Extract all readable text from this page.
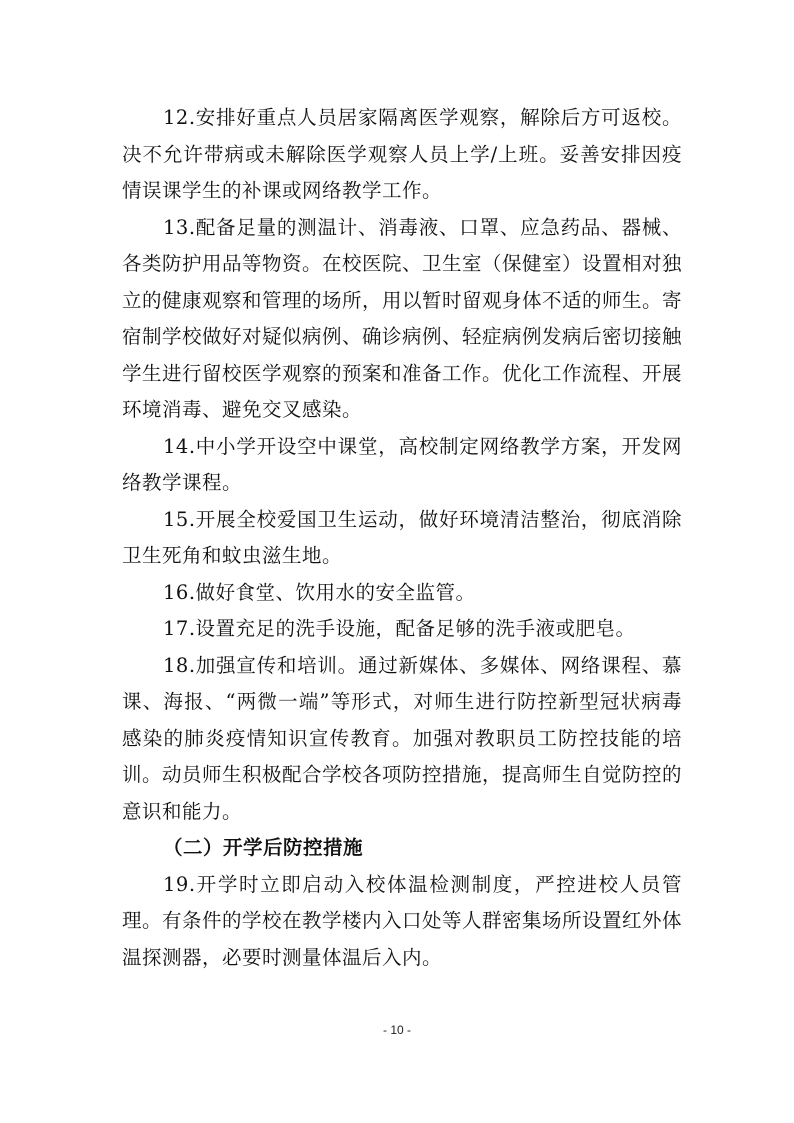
12.安排好重点人员居家隔离医学观察，解除后方可返校。决不允许带病或未解除医学观察人员上学/上班。妥善安排因疫情误课学生的补课或网络教学工作。

13.配备足量的测温计、消毒液、口罩、应急药品、器械、各类防护用品等物资。在校医院、卫生室（保健室）设置相对独立的健康观察和管理的场所，用以暂时留观身体不适的师生。寄宿制学校做好对疑似病例、确诊病例、轻症病例发病后密切接触学生进行留校医学观察的预案和准备工作。优化工作流程、开展环境消毒、避免交叉感染。

14.中小学开设空中课堂，高校制定网络教学方案，开发网络教学课程。

15.开展全校爱国卫生运动，做好环境清洁整治，彻底消除卫生死角和蚊虫滋生地。

16.做好食堂、饮用水的安全监管。

17.设置充足的洗手设施，配备足够的洗手液或肥皂。

18.加强宣传和培训。通过新媒体、多媒体、网络课程、慕课、海报、“两微一端”等形式，对师生进行防控新型冠状病毒感染的肺炎疫情知识宣传教育。加强对教职员工防控技能的培训。动员师生积极配合学校各项防控措施，提高师生自觉防控的意识和能力。

（二）开学后防控措施

19.开学时立即启动入校体温检测制度，严控进校人员管理。有条件的学校在教学楼内入口处等人群密集场所设置红外体温探测器，必要时测量体温后入内。

- 10 -
